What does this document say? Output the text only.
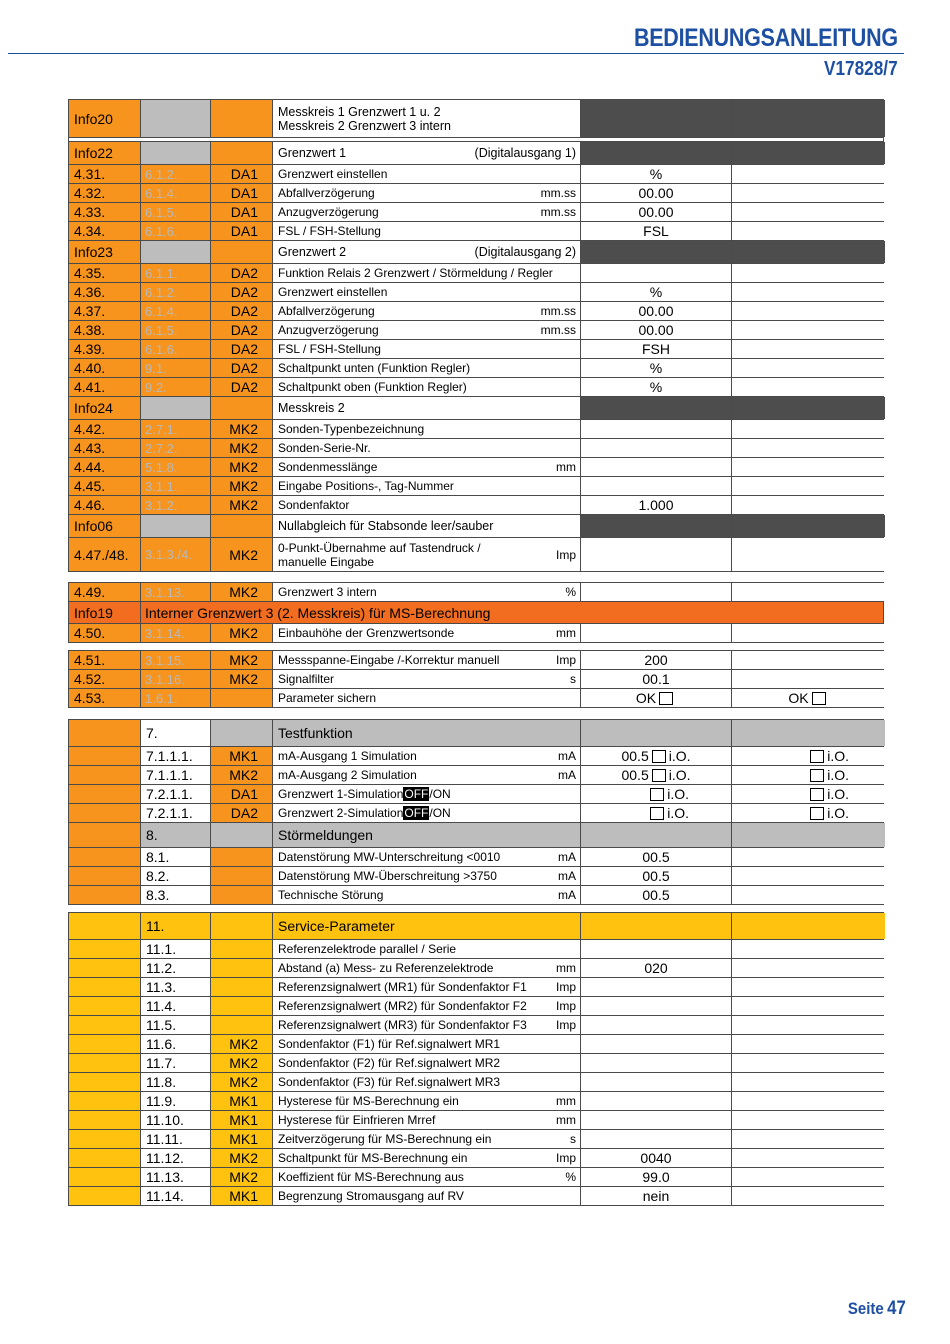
BEDIENUNGSANLEITUNG
V17828/7
Info20	Messkreis 1 Grenzwert 1 u. 2
Messkreis 2 Grenzwert 3 intern
Info22	Grenzwert 1	(Digitalausgang 1)
4.31.	6.1.2.	DA1	Grenzwert einstellen	%
4.32.	6.1.4.	DA1	Abfallverzögerung	mm.ss	00.00
4.33.	6.1.5.	DA1	Anzugverzögerung	mm.ss	00.00
4.34.	6.1.6.	DA1	FSL / FSH-Stellung	FSL
Info23	Grenzwert 2	(Digitalausgang 2)
4.35.	6.1.1.	DA2	Funktion Relais 2 Grenzwert / Störmeldung / Regler
4.36.	6.1.2.	DA2	Grenzwert einstellen	%
4.37.	6.1.4.	DA2	Abfallverzögerung	mm.ss	00.00
4.38.	6.1.5.	DA2	Anzugverzögerung	mm.ss	00.00
4.39.	6.1.6.	DA2	FSL / FSH-Stellung	FSH
4.40.	9.1.	DA2	Schaltpunkt unten (Funktion Regler)	%
4.41.	9.2.	DA2	Schaltpunkt oben (Funktion Regler)	%
Info24	Messkreis 2
4.42.	2.7.1.	MK2	Sonden-Typenbezeichnung
4.43.	2.7.2.	MK2	Sonden-Serie-Nr.
4.44.	5.1.8.	MK2	Sondenmesslänge	mm
4.45.	3.1.1.	MK2	Eingabe Positions-, Tag-Nummer
4.46.	3.1.2.	MK2	Sondenfaktor	1.000
Info06	Nullabgleich für Stabsonde leer/sauber
4.47./48.	3.1.3./4.	MK2	0-Punkt-Übernahme auf Tastendruck /
manuelle Eingabe	Imp
4.49.	3.1.13.	MK2	Grenzwert 3 intern	%
Info19	Interner Grenzwert 3 (2. Messkreis) für MS-Berechnung
4.50.	3.1.14.	MK2	Einbauhöhe der Grenzwertsonde	mm
4.51.	3.1.15.	MK2	Messspanne-Eingabe /-Korrektur manuell	Imp	200
4.52.	3.1.16.	MK2	Signalfilter	s	00.1
4.53.	1.6.1.	Parameter sichern	OK	OK
7.	Testfunktion
7.1.1.1.	MK1	mA-Ausgang 1 Simulation	mA	00.5 i.O.	i.O.
7.1.1.1.	MK2	mA-Ausgang 2 Simulation	mA	00.5 i.O.	i.O.
7.2.1.1.	DA1	Grenzwert 1-Simulation OFF /ON	i.O.	i.O.
7.2.1.1.	DA2	Grenzwert 2-Simulation OFF /ON	i.O.	i.O.
8.	Störmeldungen
8.1.	Datenstörung MW-Unterschreitung <0010	mA	00.5
8.2.	Datenstörung MW-Überschreitung >3750	mA	00.5
8.3.	Technische Störung	mA	00.5
11.	Service-Parameter
11.1.	Referenzelektrode parallel / Serie
11.2.	Abstand (a) Mess- zu Referenzelektrode	mm	020
11.3.	Referenzsignalwert (MR1) für Sondenfaktor F1 Imp
11.4.	Referenzsignalwert (MR2) für Sondenfaktor F2 Imp
11.5.	Referenzsignalwert (MR3) für Sondenfaktor F3 Imp
11.6.	MK2	Sondenfaktor (F1) für Ref.signalwert MR1
11.7.	MK2	Sondenfaktor (F2) für Ref.signalwert MR2
11.8.	MK2	Sondenfaktor (F3) für Ref.signalwert MR3
11.9.	MK1	Hysterese für MS-Berechnung ein	mm
11.10.	MK1	Hysterese für Einfrieren Mrref	mm
11.11.	MK1	Zeitverzögerung für MS-Berechnung ein	s
11.12.	MK2	Schaltpunkt für MS-Berechnung ein	Imp	0040
11.13.	MK2	Koeffizient für MS-Berechnung aus	%	99.0
11.14.	MK1	Begrenzung Stromausgang auf RV	nein
Seite 47
